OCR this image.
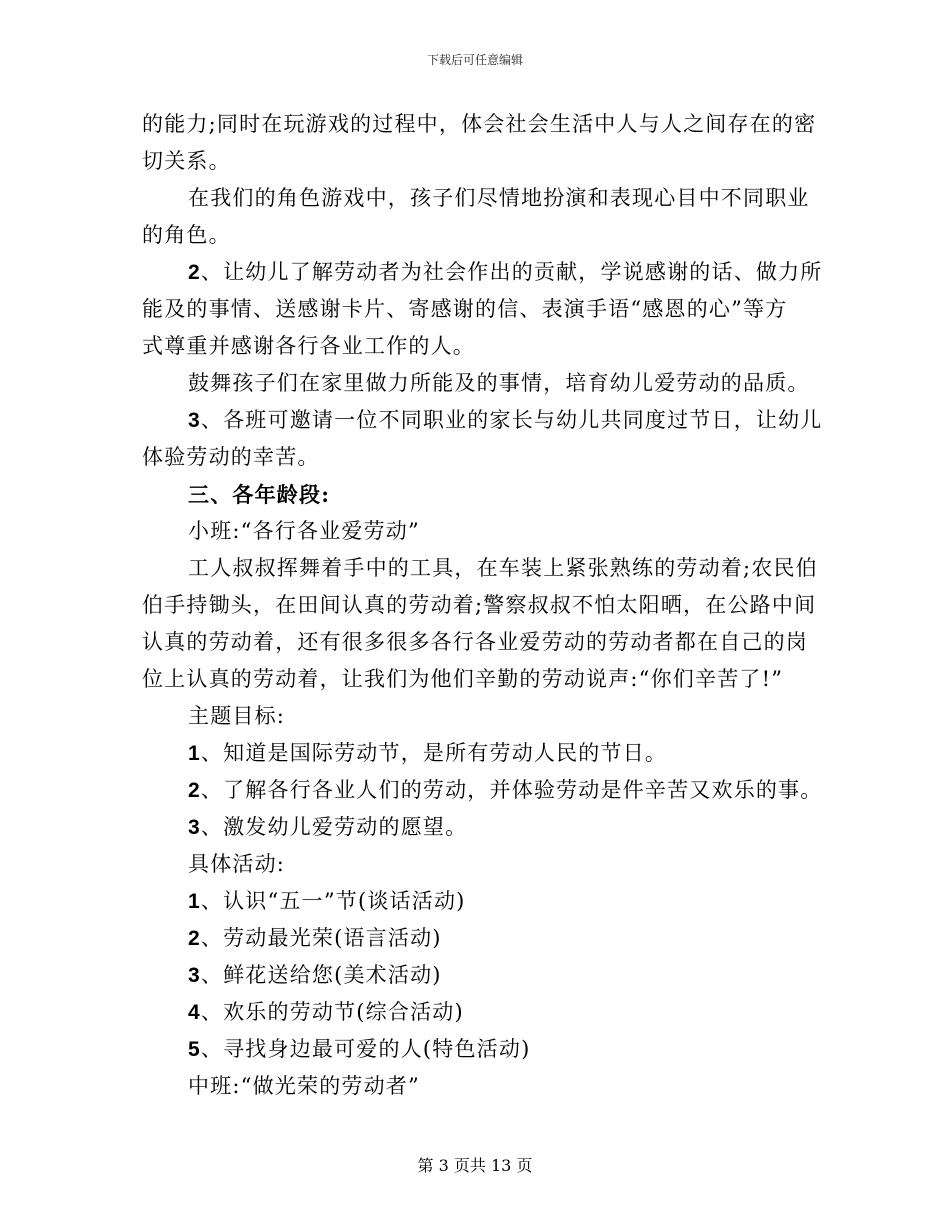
下载后可任意编辑
的能力;同时在玩游戏的过程中，体会社会生活中人与人之间存在的密
切关系。
在我们的角色游戏中，孩子们尽情地扮演和表现心目中不同职业
的角色。
2、让幼儿了解劳动者为社会作出的贡献，学说感谢的话、做力所
能及的事情、送感谢卡片、寄感谢的信、表演手语“感恩的心”等方
式尊重并感谢各行各业工作的人。
鼓舞孩子们在家里做力所能及的事情，培育幼儿爱劳动的品质。
3、各班可邀请一位不同职业的家长与幼儿共同度过节日，让幼儿
体验劳动的幸苦。
三、各年龄段:
小班:“各行各业爱劳动”
工人叔叔挥舞着手中的工具，在车装上紧张熟练的劳动着;农民伯
伯手持锄头，在田间认真的劳动着;警察叔叔不怕太阳晒，在公路中间
认真的劳动着，还有很多很多各行各业爱劳动的劳动者都在自己的岗
位上认真的劳动着，让我们为他们辛勤的劳动说声:“你们辛苦了!”
主题目标:
1、知道是国际劳动节，是所有劳动人民的节日。
2、了解各行各业人们的劳动，并体验劳动是件辛苦又欢乐的事。
3、激发幼儿爱劳动的愿望。
具体活动:
1、认识“五一”节(谈话活动)
2、劳动最光荣(语言活动)
3、鲜花送给您(美术活动)
4、欢乐的劳动节(综合活动)
5、寻找身边最可爱的人(特色活动)
中班:“做光荣的劳动者”
第 3 页共 13 页
